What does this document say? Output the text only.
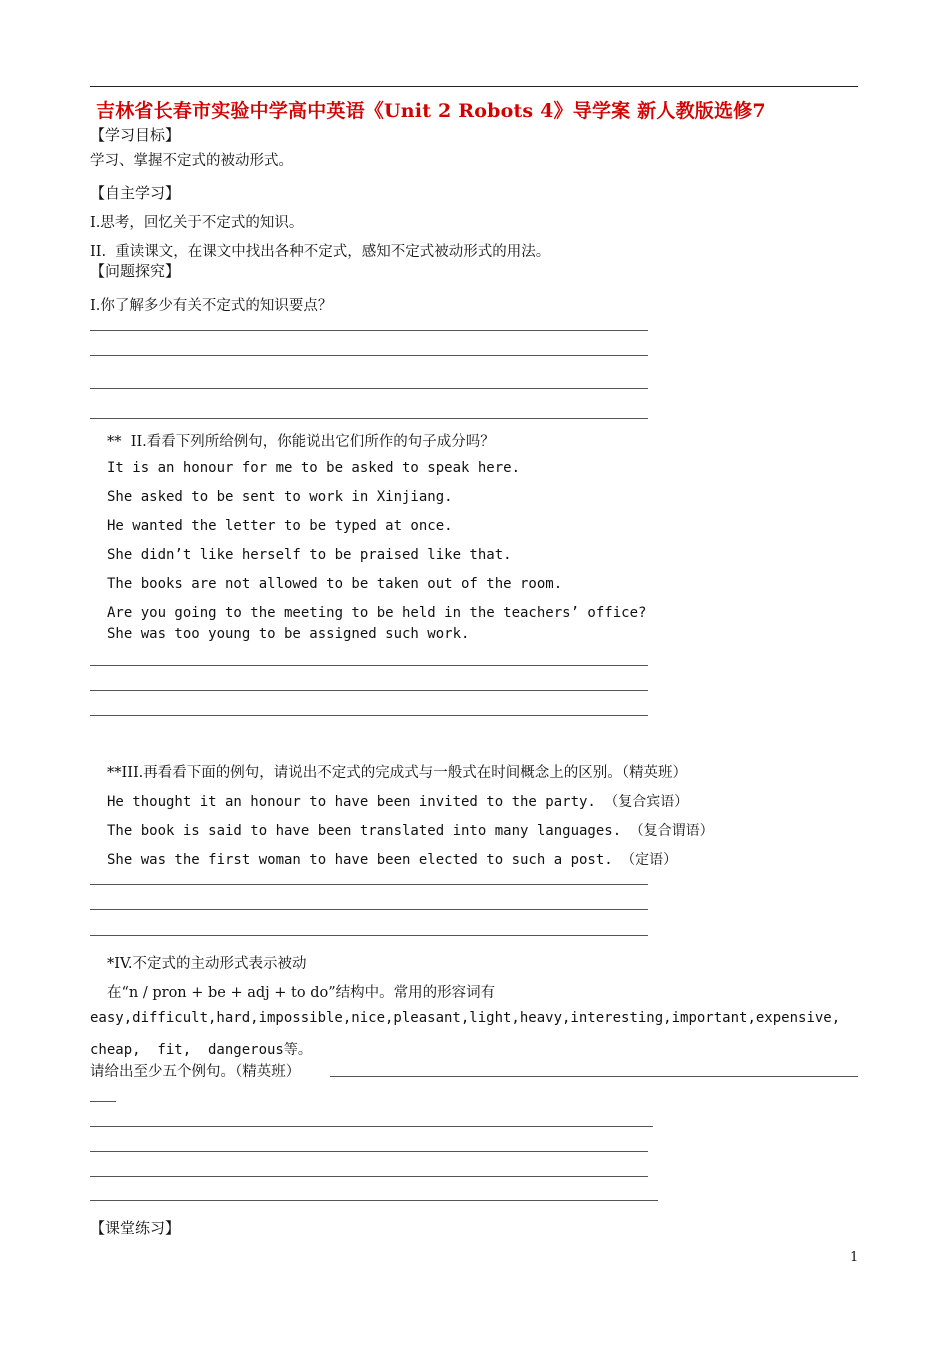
吉林省长春市实验中学高中英语《Unit 2 Robots 4》导学案 新人教版选修7
【学习目标】
学习、掌握不定式的被动形式。
【自主学习】
I.思考，回忆关于不定式的知识。
II.  重读课文，在课文中找出各种不定式，感知不定式被动形式的用法。
【问题探究】
I.你了解多少有关不定式的知识要点？
**  II.看看下列所给例句，你能说出它们所作的句子成分吗？
It is an honour for me to be asked to speak here.
She asked to be sent to work in Xinjiang.
He wanted the letter to be typed at once.
She didn’t like herself to be praised like that.
The books are not allowed to be taken out of the room.
Are you going to the meeting to be held in the teachers’ office?
She was too young to be assigned such work.
**III.再看看下面的例句，请说出不定式的完成式与一般式在时间概念上的区别。（精英班）
He thought it an honour to have been invited to the party. （复合宾语）
The book is said to have been translated into many languages. （复合谓语）
She was the first woman to have been elected to such a post. （定语）
*IV.不定式的主动形式表示被动
在“n / pron + be + adj + to do”结构中。常用的形容词有
easy,difficult,hard,impossible,nice,pleasant,light,heavy,interesting,important,expensive,
cheap,  fit,  dangerous等。
请给出至少五个例句。（精英班）
【课堂练习】
1
